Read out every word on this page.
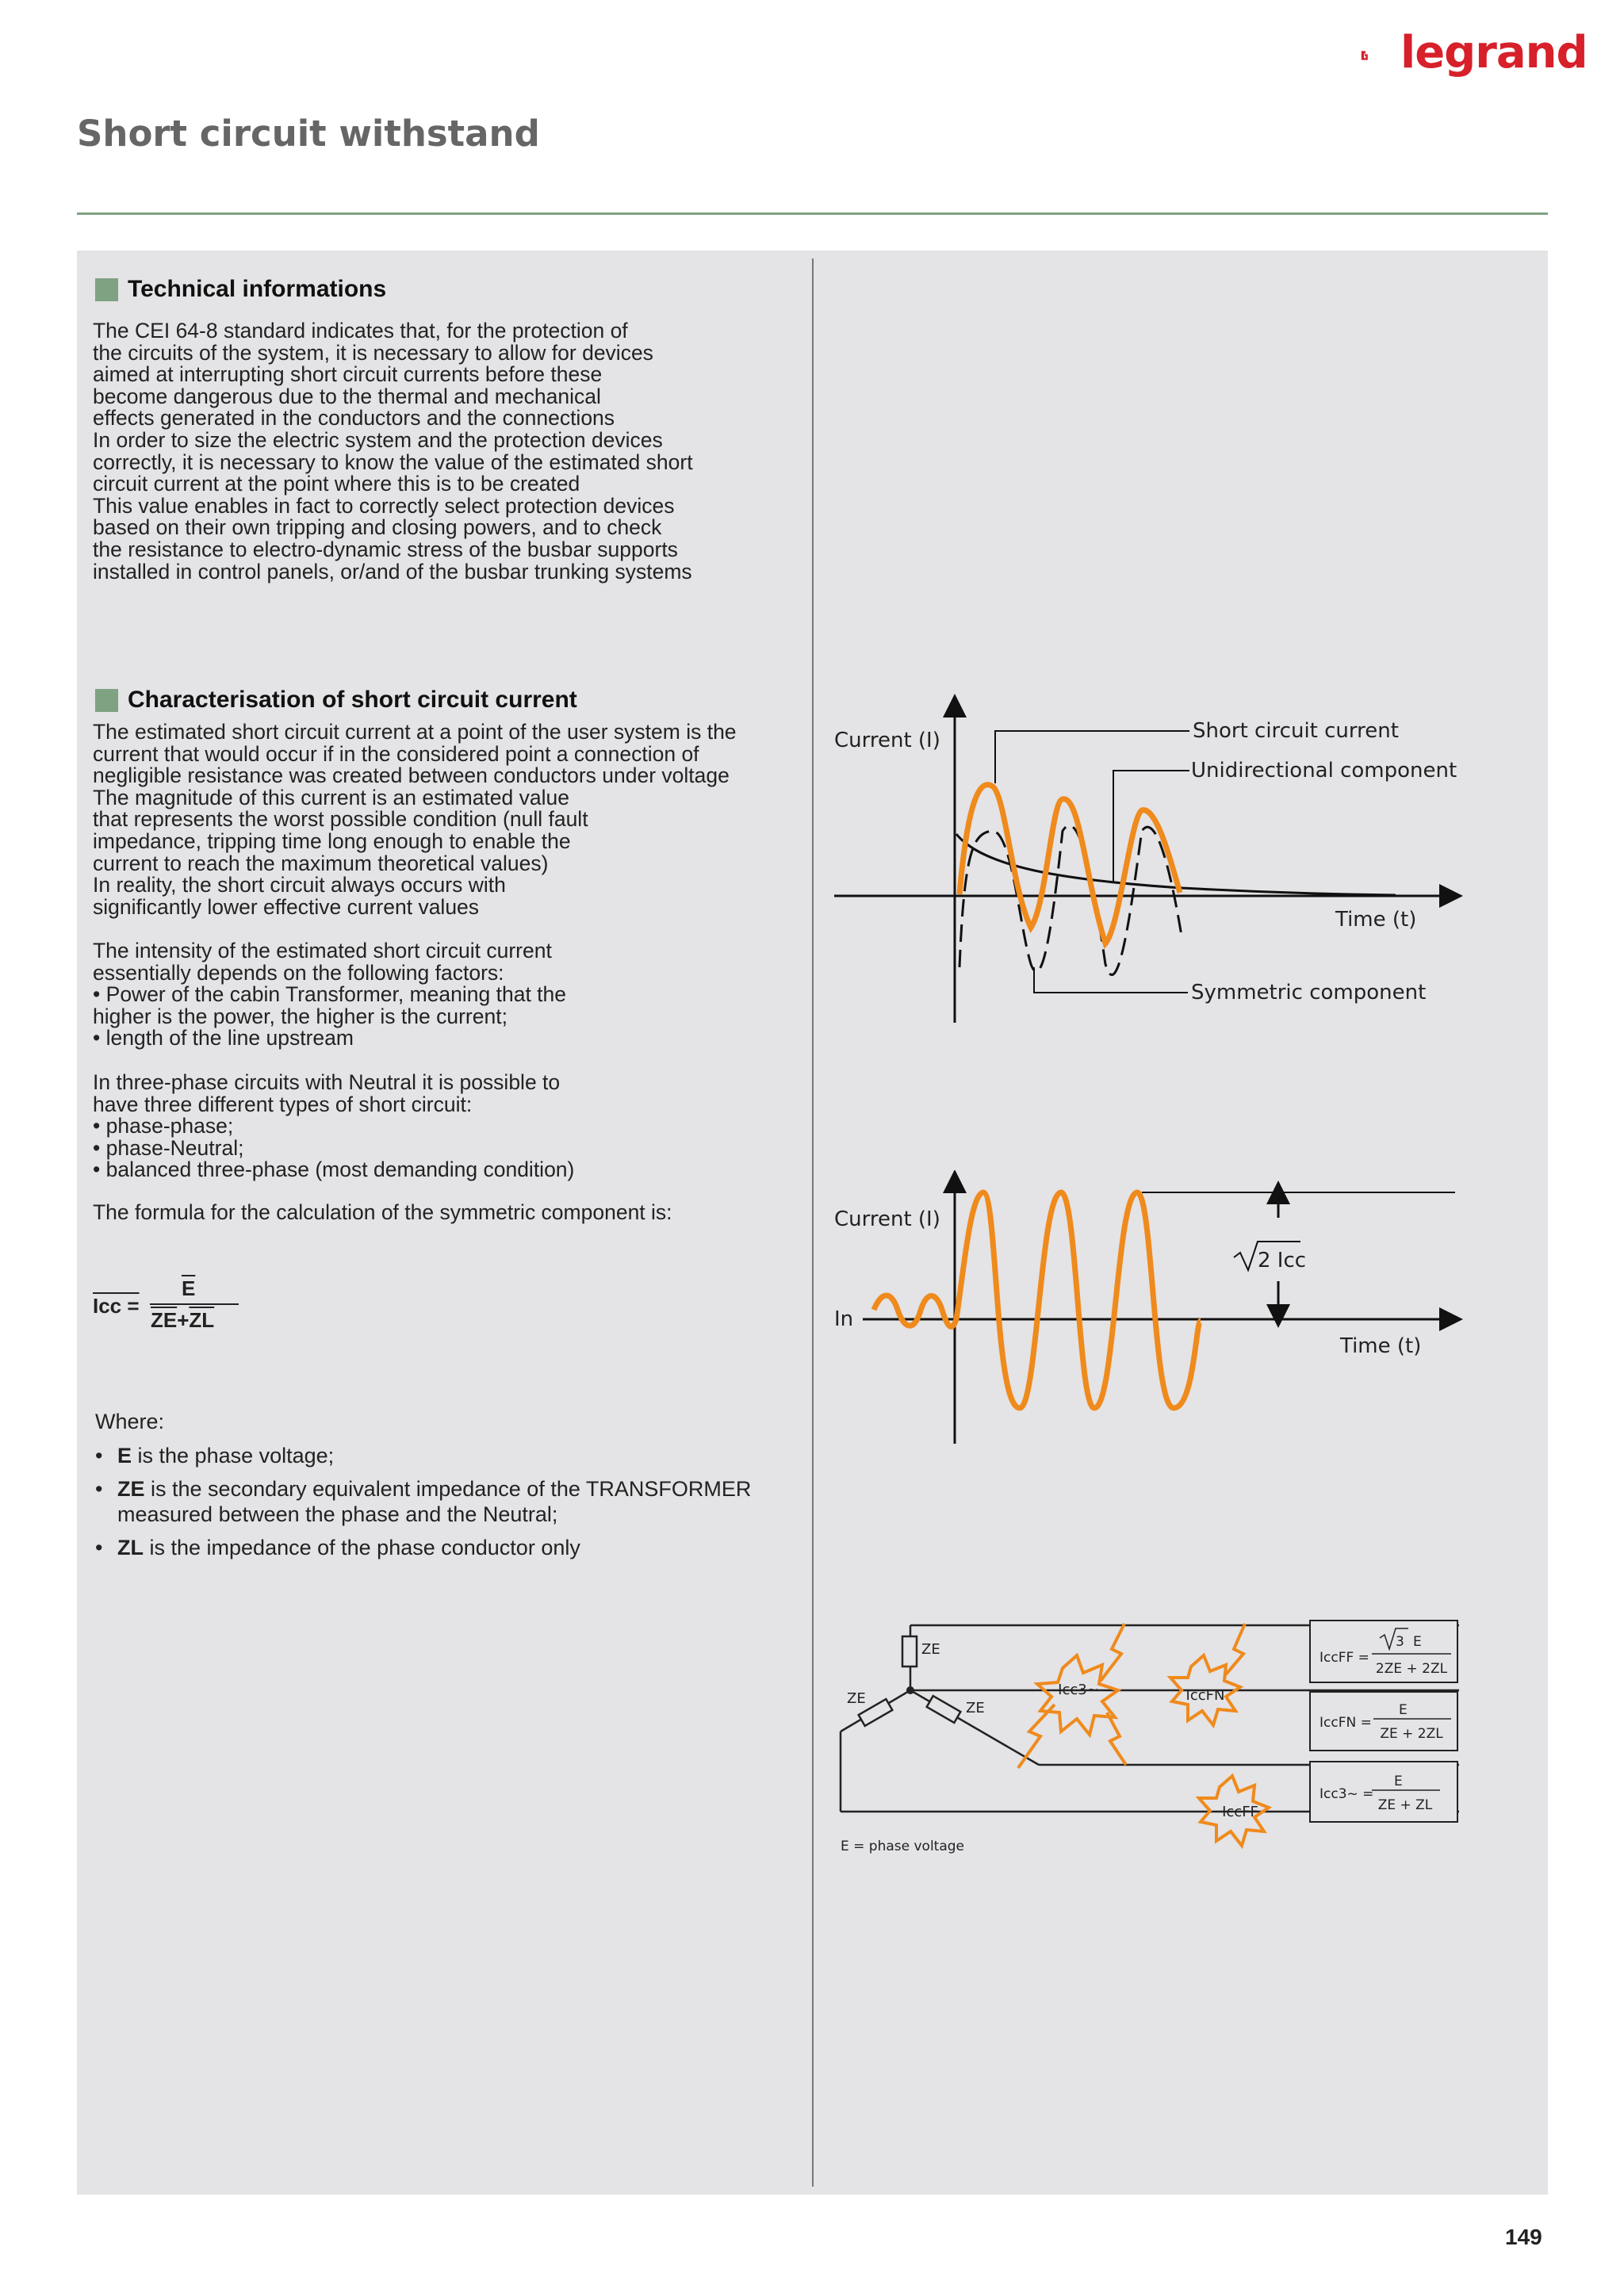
legrand
Short circuit withstand
Technical informations

The CEI 64-8 standard indicates that, for the protection of
the circuits of the system, it is necessary to allow for devices
aimed at interrupting short circuit currents before these
become dangerous due to the thermal and mechanical
effects generated in the conductors and the connections
In order to size the electric system and the protection devices
correctly, it is necessary to know the value of the estimated short
circuit current at the point where this is to be created
This value enables in fact to correctly select protection devices
based on their own tripping and closing powers, and to check
the resistance to electro-dynamic stress of the busbar supports
installed in control panels, or/and of the busbar trunking systems

Characterisation of short circuit current

The estimated short circuit current at a point of the user system is the
current that would occur if in the considered point a connection of
negligible resistance was created between conductors under voltage
The magnitude of this current is an estimated value
that represents the worst possible condition (null fault
impedance, tripping time long enough to enable the
current to reach the maximum theoretical values)
In reality, the short circuit always occurs with
significantly lower effective current values

The intensity of the estimated short circuit current
essentially depends on the following factors:
• Power of the cabin Transformer, meaning that the
higher is the power, the higher is the current;
• length of the line upstream

In three-phase circuits with Neutral it is possible to
have three different types of short circuit:
• phase-phase;
• phase-Neutral;
• balanced three-phase (most demanding condition)

The formula for the calculation of the symmetric component is:

Icc =
$\overline{E}$
$\overline{ZE}+\overline{ZL}$
Where:
• E is the phase voltage;
• ZE is the secondary equivalent impedance of the TRANSFORMER measured between the phase and the Neutral;
• ZL is the impedance of the phase conductor only
Current (I)
Time (t)
Short circuit current
Unidirectional component
Symmetric component
2 Icc
Current (I)
In
Time (t)
ZE
ZE
ZE
Icc3~	IccFN
IccFF
IccFF =
3 E
2ZE + 2ZL
IccFN =
E
ZE + 2ZL
Icc3~ =
E
ZE + ZL
E = phase voltage
149
